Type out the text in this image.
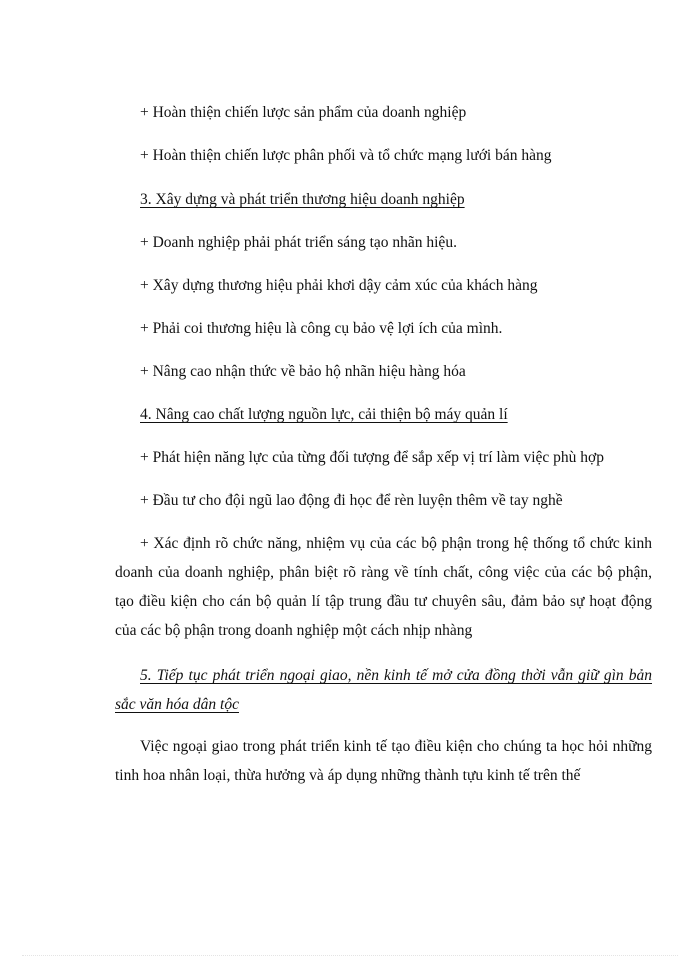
+ Hoàn thiện chiến lược sản phẩm của doanh nghiệp
+ Hoàn thiện chiến lược phân phối và tổ chức mạng lưới bán hàng
3. Xây dựng và phát triển thương hiệu doanh nghiệp
+ Doanh nghiệp phải phát triển sáng tạo nhãn hiệu.
+ Xây dựng thương hiệu phải khơi dậy cảm xúc của khách hàng
+ Phải coi thương hiệu là công cụ bảo vệ lợi ích của mình.
+ Nâng cao nhận thức về bảo hộ nhãn hiệu hàng hóa
4. Nâng cao chất lượng nguồn lực, cải thiện bộ máy quản lí
+ Phát hiện năng lực của từng đối tượng để sắp xếp vị trí làm việc phù hợp
+ Đầu tư cho đội ngũ lao động đi học để rèn luyện thêm về tay nghề
+ Xác định rõ chức năng, nhiệm vụ của các bộ phận trong hệ thống tổ chức kinh doanh của doanh nghiệp, phân biệt rõ ràng về tính chất, công việc của các bộ phận, tạo điều kiện cho cán bộ quản lí tập trung đầu tư chuyên sâu, đảm bảo sự hoạt động của các bộ phận trong doanh nghiệp một cách nhịp nhàng
5. Tiếp tục phát triển ngoại giao, nền kinh tế mở cửa đồng thời vẫn giữ gìn bản sắc văn hóa dân tộc
Việc ngoại giao trong phát triển kinh tế tạo điều kiện cho chúng ta học hỏi những tinh hoa nhân loại, thừa hưởng và áp dụng những thành tựu kinh tế trên thế
